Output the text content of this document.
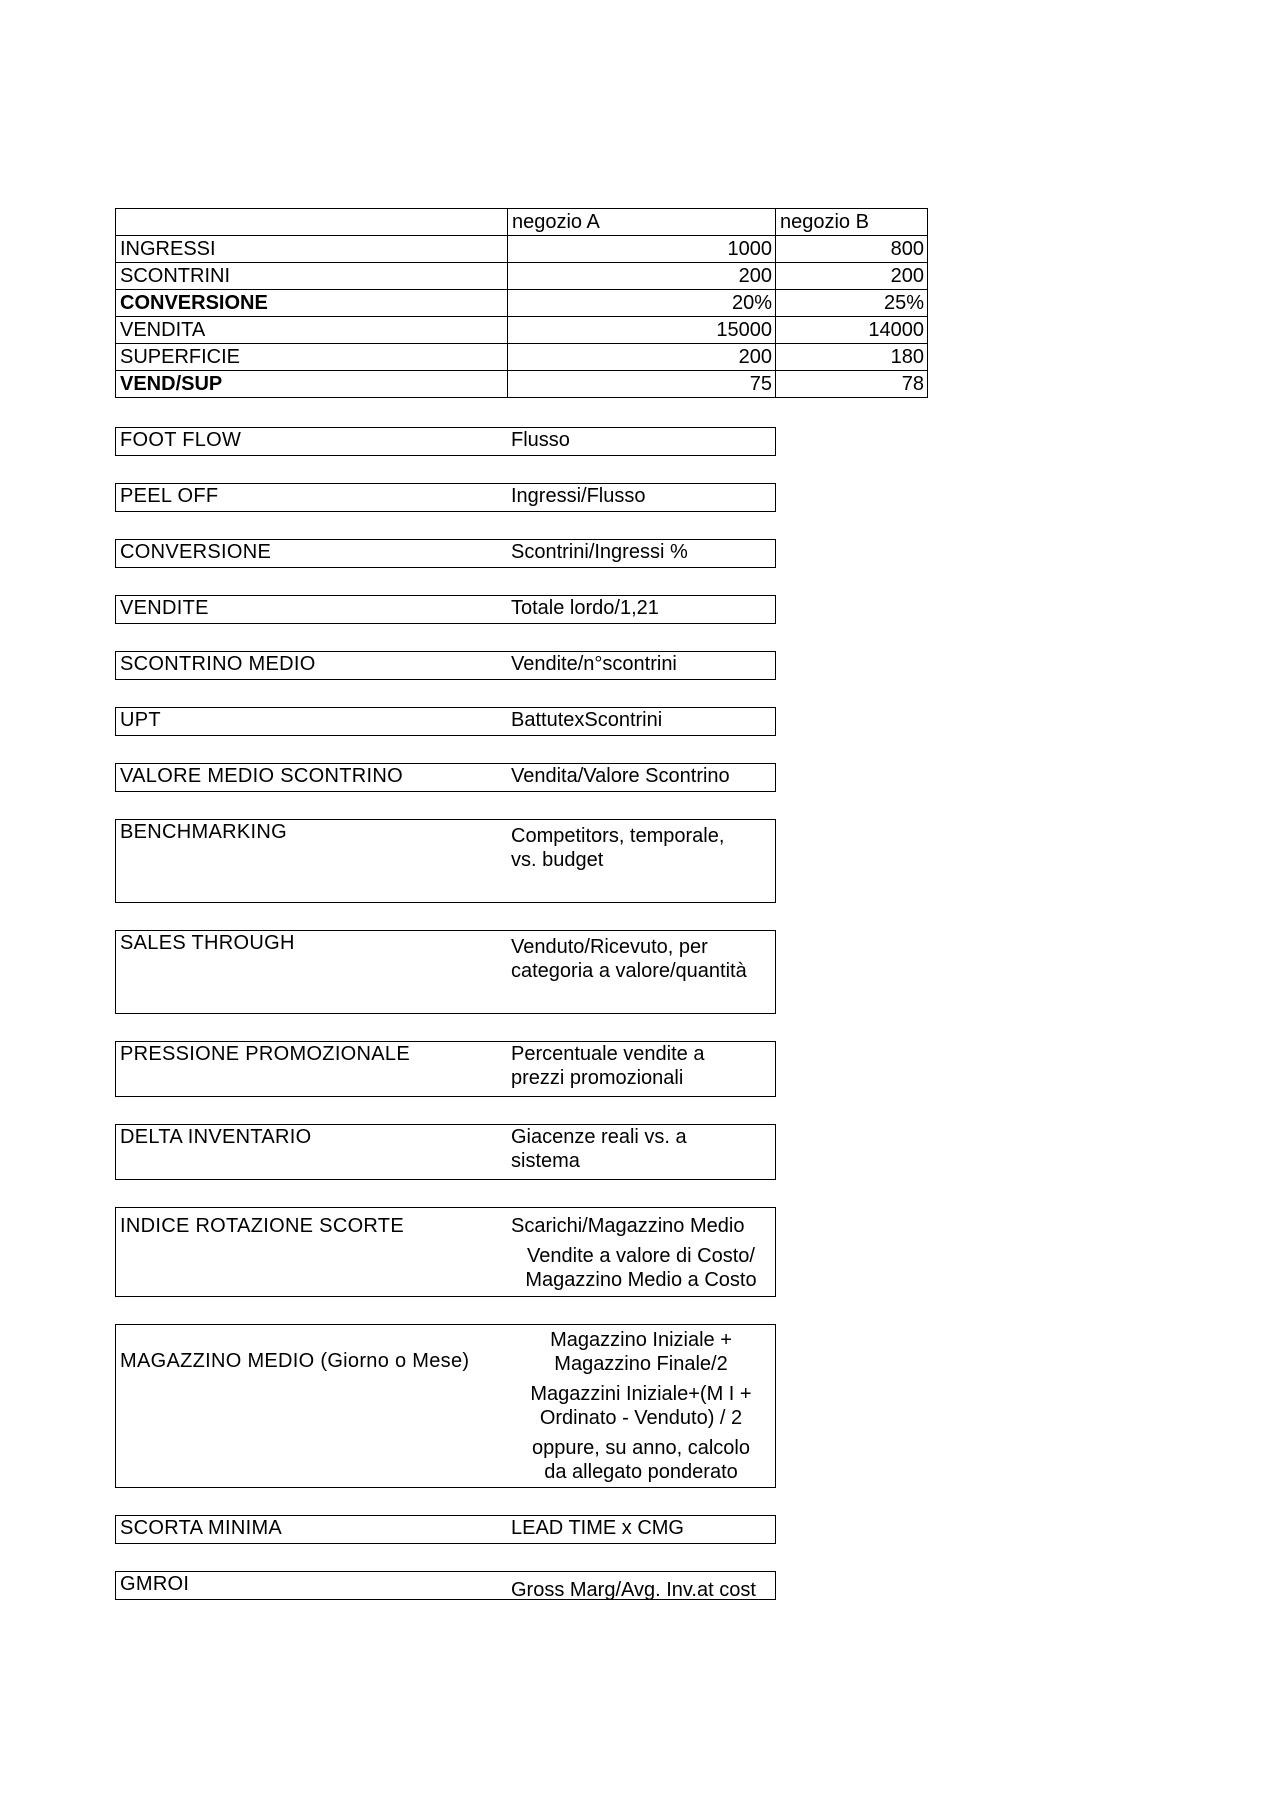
	negozio A	negozio B
INGRESSI	1000	800
SCONTRINI	200	200
CONVERSIONE	20%	25%
VENDITA	15000	14000
SUPERFICIE	200	180
VEND/SUP	75	78
FOOT FLOW	Flusso
PEEL OFF	Ingressi/Flusso
CONVERSIONE	Scontrini/Ingressi %
VENDITE	Totale lordo/1,21
SCONTRINO MEDIO	Vendite/n°scontrini
UPT	BattutexScontrini
VALORE MEDIO SCONTRINO	Vendita/Valore Scontrino
BENCHMARKING	Competitors, temporale,
vs. budget
SALES THROUGH	Venduto/Ricevuto, per
categoria a valore/quantità
PRESSIONE PROMOZIONALE	Percentuale vendite a
prezzi promozionali
DELTA INVENTARIO	Giacenze reali vs. a
sistema
INDICE ROTAZIONE SCORTE	Scarichi/Magazzino Medio
Vendite a valore di Costo/
Magazzino Medio a Costo
MAGAZZINO MEDIO (Giorno o Mese)
Magazzino Iniziale +
Magazzino Finale/2
Magazzini Iniziale+(M I +
Ordinato - Venduto) / 2
oppure, su anno, calcolo
da allegato ponderato
SCORTA MINIMA	LEAD TIME x CMG
GMROI	Gross Marg/Avg. Inv.at cost
